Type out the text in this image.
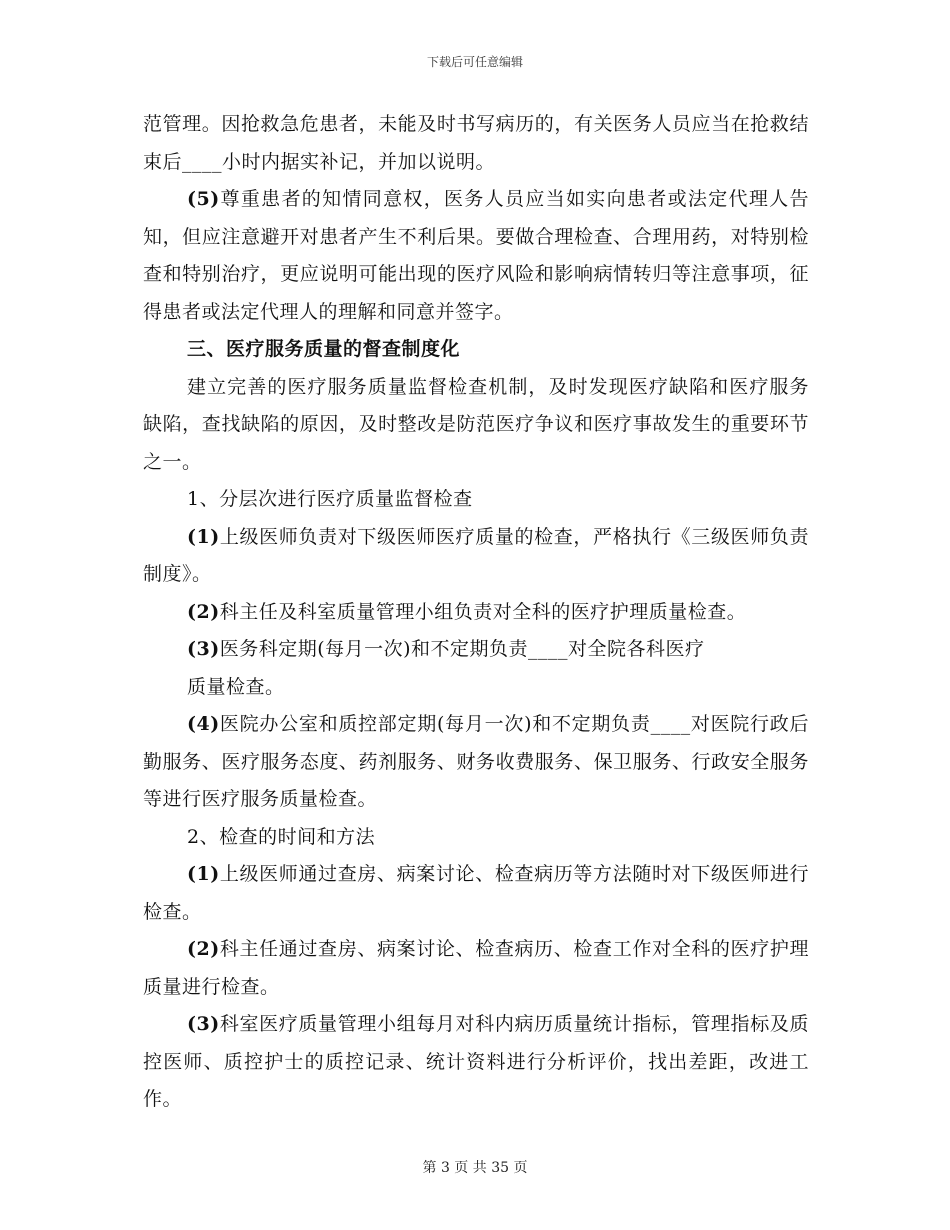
下载后可任意编辑

范管理。因抢救急危患者，未能及时书写病历的，有关医务人员应当在抢救结束后____小时内据实补记，并加以说明。

(5)尊重患者的知情同意权，医务人员应当如实向患者或法定代理人告知，但应注意避开对患者产生不利后果。要做合理检查、合理用药，对特别检查和特别治疗，更应说明可能出现的医疗风险和影响病情转归等注意事项，征得患者或法定代理人的理解和同意并签字。

三、医疗服务质量的督查制度化

建立完善的医疗服务质量监督检查机制，及时发现医疗缺陷和医疗服务缺陷，查找缺陷的原因，及时整改是防范医疗争议和医疗事故发生的重要环节之一。

1、分层次进行医疗质量监督检查

(1)上级医师负责对下级医师医疗质量的检查，严格执行《三级医师负责制度》。

(2)科主任及科室质量管理小组负责对全科的医疗护理质量检查。

(3)医务科定期(每月一次)和不定期负责____对全院各科医疗

质量检查。

(4)医院办公室和质控部定期(每月一次)和不定期负责____对医院行政后勤服务、医疗服务态度、药剂服务、财务收费服务、保卫服务、行政安全服务等进行医疗服务质量检查。

2、检查的时间和方法

(1)上级医师通过查房、病案讨论、检查病历等方法随时对下级医师进行检查。

(2)科主任通过查房、病案讨论、检查病历、检查工作对全科的医疗护理质量进行检查。

(3)科室医疗质量管理小组每月对科内病历质量统计指标，管理指标及质控医师、质控护士的质控记录、统计资料进行分析评价，找出差距，改进工作。

第 3 页 共 35 页
